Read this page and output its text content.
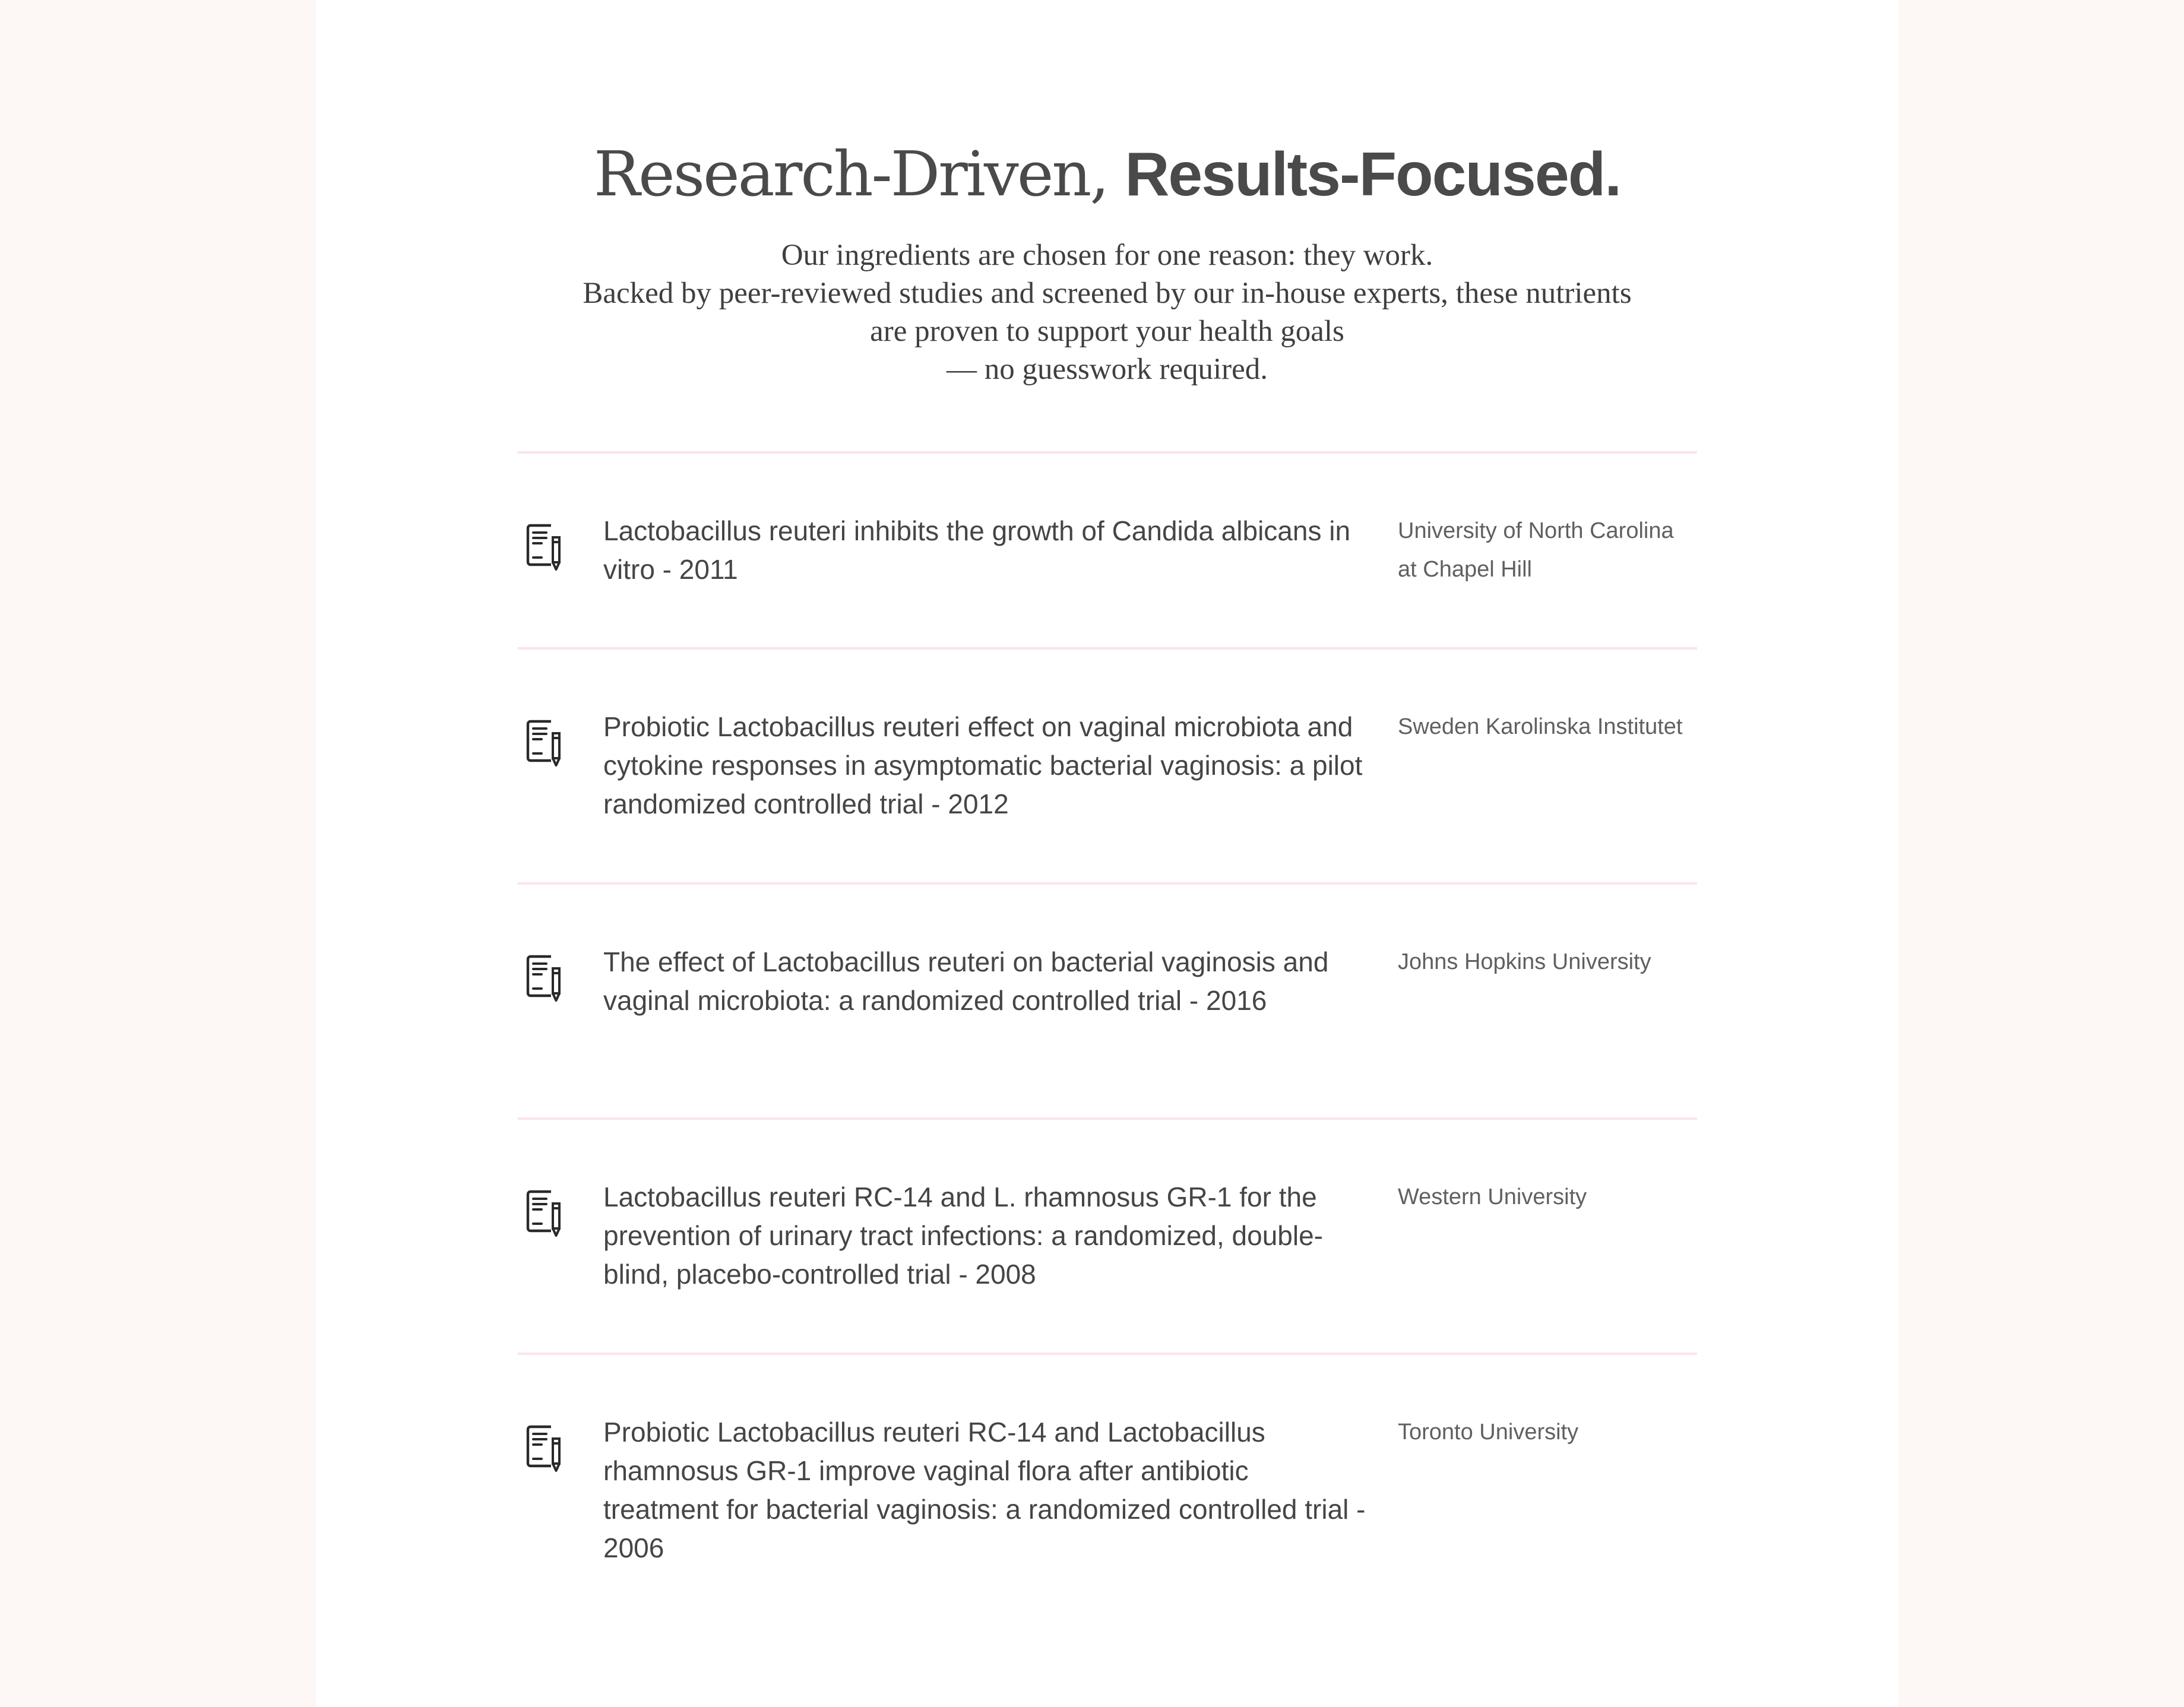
Research-Driven, Results-Focused.
Our ingredients are chosen for one reason: they work.
Backed by peer-reviewed studies and screened by our in-house experts, these nutrients
are proven to support your health goals
— no guesswork required.
Lactobacillus reuteri inhibits the growth of Candida albicans in vitro - 2011
University of North Carolina at Chapel Hill
Probiotic Lactobacillus reuteri effect on vaginal microbiota and cytokine responses in asymptomatic bacterial vaginosis: a pilot randomized controlled trial - 2012
Sweden Karolinska Institutet
The effect of Lactobacillus reuteri on bacterial vaginosis and vaginal microbiota: a randomized controlled trial - 2016
Johns Hopkins University
Lactobacillus reuteri RC-14 and L. rhamnosus GR-1 for the prevention of urinary tract infections: a randomized, double-blind, placebo-controlled trial - 2008
Western University
Probiotic Lactobacillus reuteri RC-14 and Lactobacillus rhamnosus GR-1 improve vaginal flora after antibiotic treatment for bacterial vaginosis: a randomized controlled trial - 2006
Toronto University
